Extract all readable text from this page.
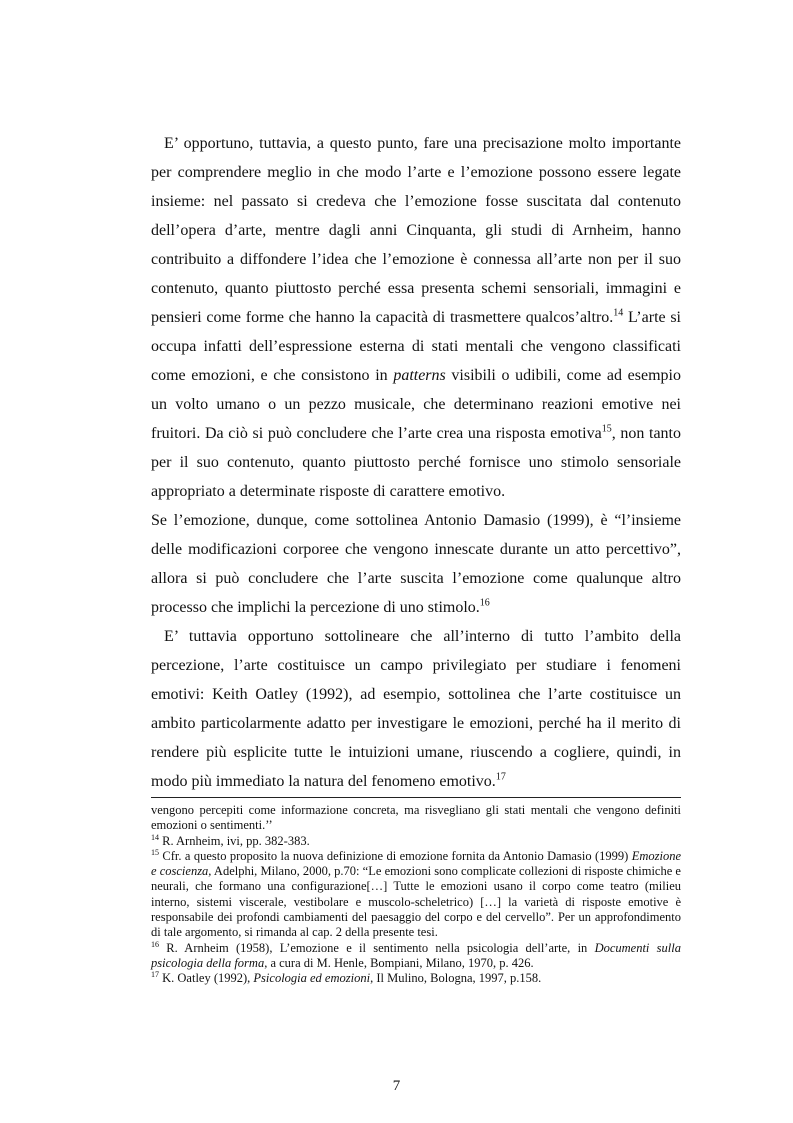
E’ opportuno, tuttavia, a questo punto, fare una precisazione molto importante per comprendere meglio in che modo l’arte e l’emozione possono essere legate insieme: nel passato si credeva che l’emozione fosse suscitata dal contenuto dell’opera d’arte, mentre dagli anni Cinquanta, gli studi di Arnheim, hanno contribuito a diffondere l’idea che l’emozione è connessa all’arte non per il suo contenuto, quanto piuttosto perché essa presenta schemi sensoriali, immagini e pensieri come forme che hanno la capacità di trasmettere qualcos’altro.$^{14}$ L’arte si occupa infatti dell’espressione esterna di stati mentali che vengono classificati come emozioni, e che consistono in patterns visibili o udibili, come ad esempio un volto umano o un pezzo musicale, che determinano reazioni emotive nei fruitori. Da ciò si può concludere che l’arte crea una risposta emotiva$^{15}$, non tanto per il suo contenuto, quanto piuttosto perché fornisce uno stimolo sensoriale appropriato a determinate risposte di carattere emotivo.

Se l’emozione, dunque, come sottolinea Antonio Damasio (1999), è “l’insieme delle modificazioni corporee che vengono innescate durante un atto percettivo”, allora si può concludere che l’arte suscita l’emozione come qualunque altro processo che implichi la percezione di uno stimolo.$^{16}$

E’ tuttavia opportuno sottolineare che all’interno di tutto l’ambito della percezione, l’arte costituisce un campo privilegiato per studiare i fenomeni emotivi: Keith Oatley (1992), ad esempio, sottolinea che l’arte costituisce un ambito particolarmente adatto per investigare le emozioni, perché ha il merito di rendere più esplicite tutte le intuizioni umane, riuscendo a cogliere, quindi, in modo più immediato la natura del fenomeno emotivo.$^{17}$

vengono percepiti come informazione concreta, ma risvegliano gli stati mentali che vengono definiti emozioni o sentimenti.’’

$^{14}$ R. Arnheim, ivi, pp. 382-383.

$^{15}$ Cfr. a questo proposito la nuova definizione di emozione fornita da Antonio Damasio (1999) Emozione e coscienza, Adelphi, Milano, 2000, p.70: “Le emozioni sono complicate collezioni di risposte chimiche e neurali, che formano una configurazione[…] Tutte le emozioni usano il corpo come teatro (milieu interno, sistemi viscerale, vestibolare e muscolo-scheletrico) […] la varietà di risposte emotive è responsabile dei profondi cambiamenti del paesaggio del corpo e del cervello”. Per un approfondimento di tale argomento, si rimanda al cap. 2 della presente tesi.

$^{16}$ R. Arnheim (1958), L’emozione e il sentimento nella psicologia dell’arte, in Documenti sulla psicologia della forma, a cura di M. Henle, Bompiani, Milano, 1970, p. 426.

$^{17}$ K. Oatley (1992), Psicologia ed emozioni, Il Mulino, Bologna, 1997, p.158.

7
